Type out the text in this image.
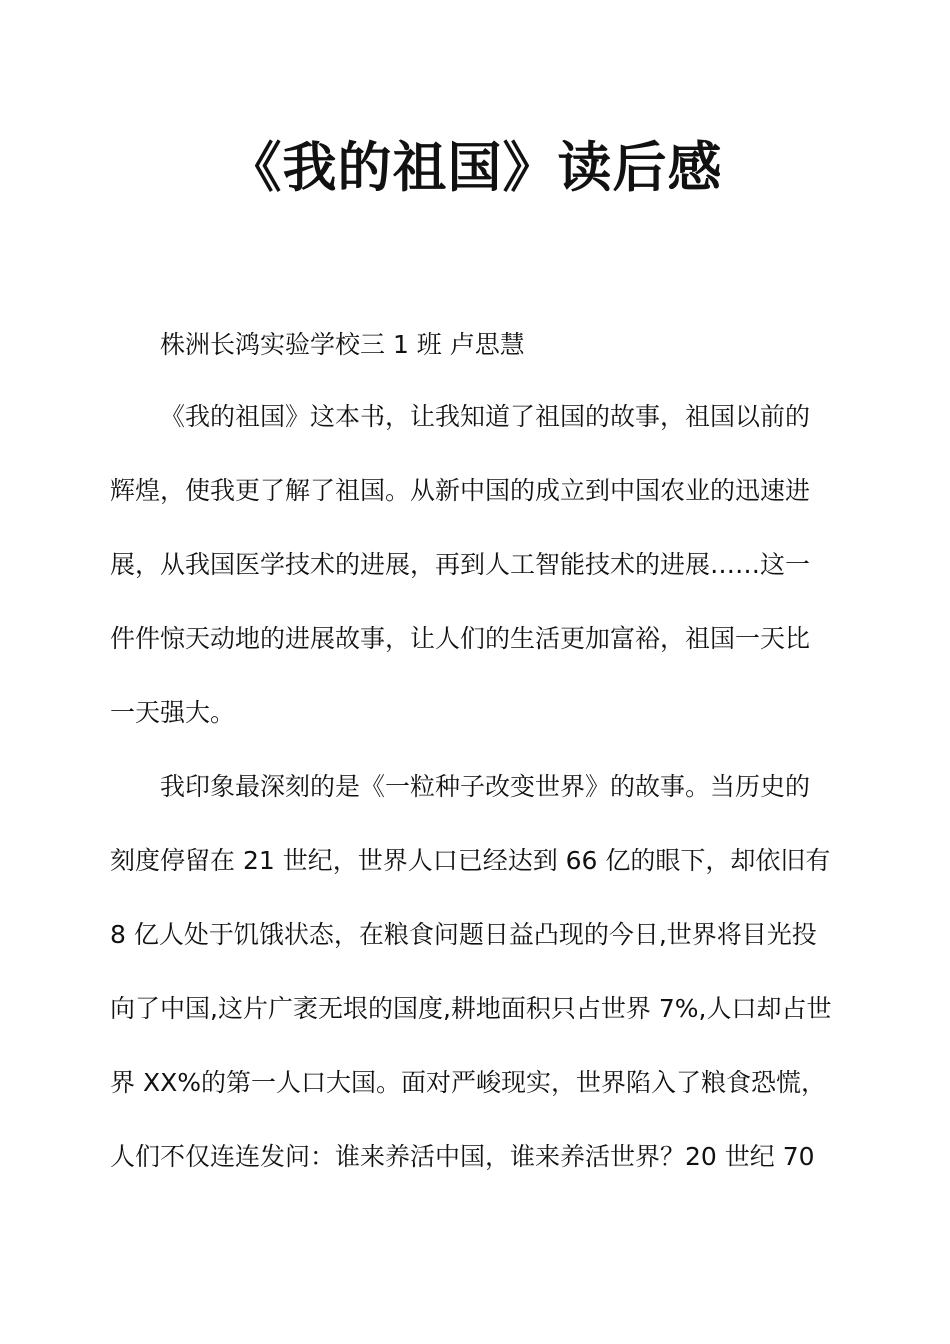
《我的祖国》读后感

株洲长鸿实验学校三 1 班 卢思慧

《我的祖国》这本书，让我知道了祖国的故事，祖国以前的

辉煌，使我更了解了祖国。从新中国的成立到中国农业的迅速进

展，从我国医学技术的进展，再到人工智能技术的进展……这一

件件惊天动地的进展故事，让人们的生活更加富裕，祖国一天比

一天强大。

我印象最深刻的是《一粒种子改变世界》的故事。当历史的

刻度停留在 21 世纪，世界人口已经达到 66 亿的眼下，却依旧有

8 亿人处于饥饿状态，在粮食问题日益凸现的今日,世界将目光投

向了中国,这片广袤无垠的国度,耕地面积只占世界 7%,人口却占世

界 XX%的第一人口大国。面对严峻现实，世界陷入了粮食恐慌，

人们不仅连连发问：谁来养活中国，谁来养活世界？20 世纪 70
